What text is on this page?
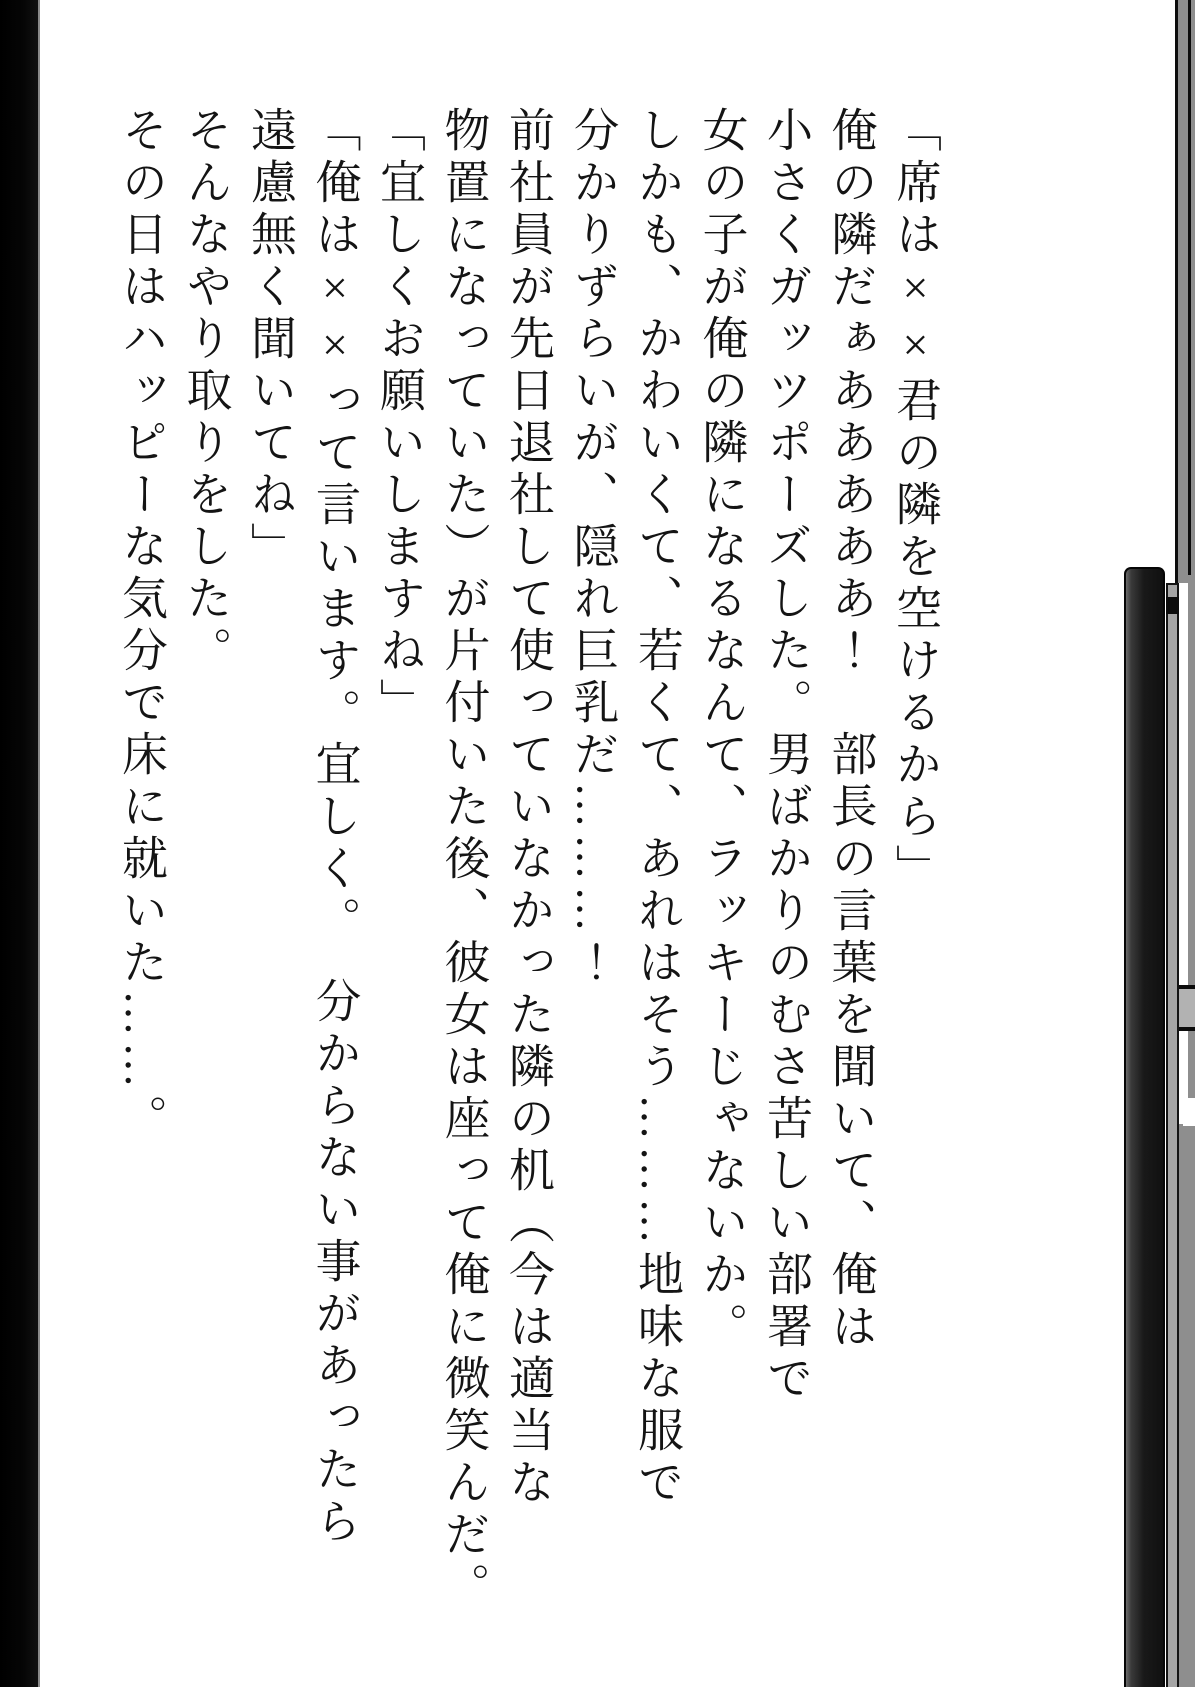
「席は××君の隣を空けるから」

俺の隣だぁあああああ！　部長の言葉を聞いて、俺は

小さくガッツポーズした。男ばかりのむさ苦しい部署で

女の子が俺の隣になるなんて、ラッキーじゃないか。

しかも、かわいくて、若くて、あれはそう………地味な服で

分かりずらいが、隠れ巨乳だ………！

前社員が先日退社して使っていなかった隣の机（今は適当な

物置になっていた）が片付いた後、彼女は座って俺に微笑んだ。

「宜しくお願いしますね」

「俺は××って言います。宜しく。　分からない事があったら

遠慮無く聞いてね」

そんなやり取りをした。

その日はハッピーな気分で床に就いた……。
